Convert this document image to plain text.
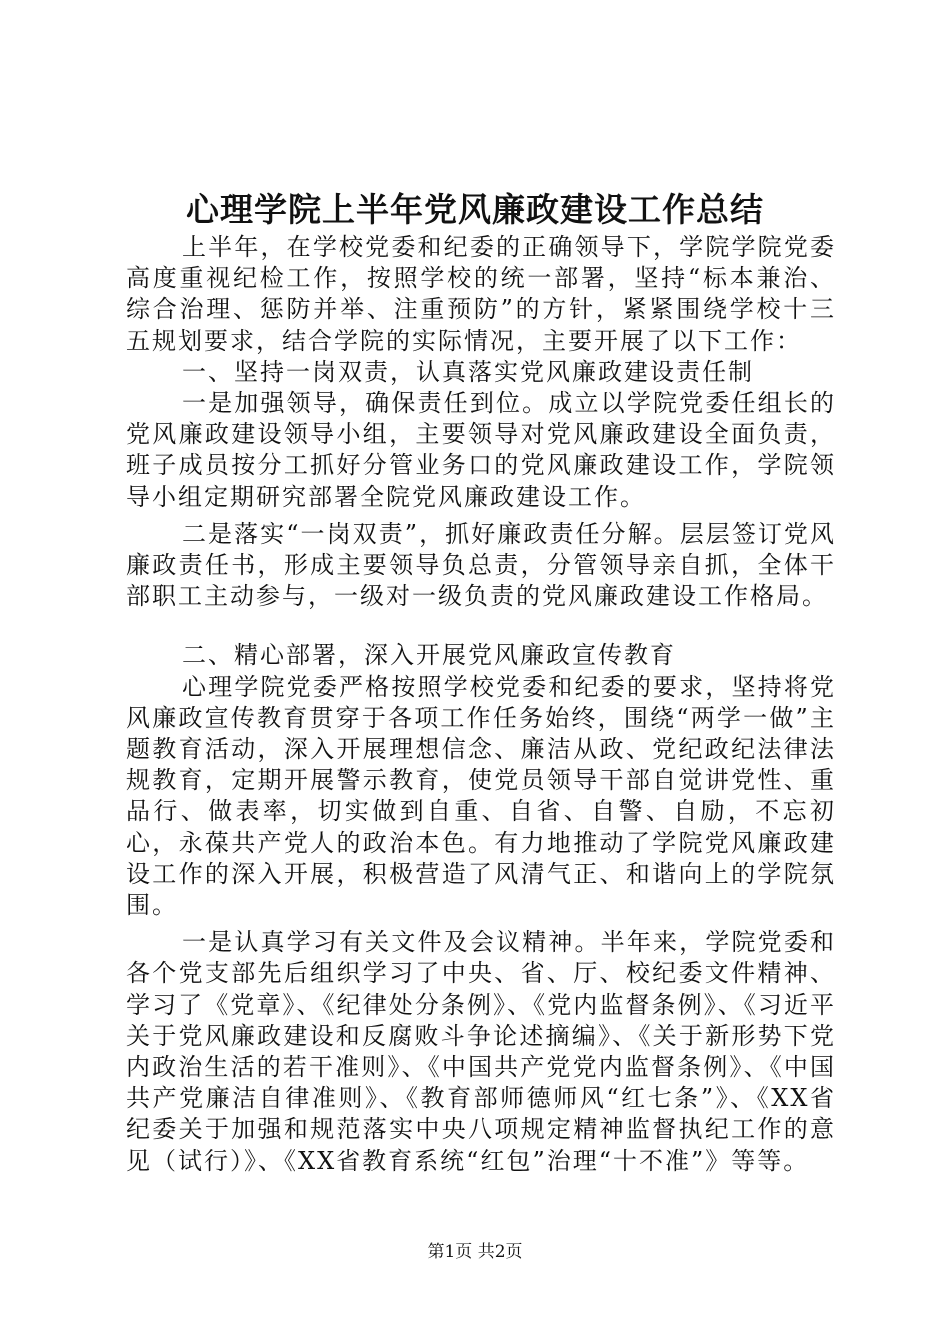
心理学院上半年党风廉政建设工作总结

上半年，在学校党委和纪委的正确领导下，学院学院党委高度重视纪检工作，按照学校的统一部署，坚持“标本兼治、综合治理、惩防并举、注重预防”的方针，紧紧围绕学校十三五规划要求，结合学院的实际情况，主要开展了以下工作：

一、坚持一岗双责，认真落实党风廉政建设责任制

一是加强领导，确保责任到位。成立以学院党委任组长的党风廉政建设领导小组，主要领导对党风廉政建设全面负责，班子成员按分工抓好分管业务口的党风廉政建设工作，学院领导小组定期研究部署全院党风廉政建设工作。

二是落实“一岗双责”，抓好廉政责任分解。层层签订党风廉政责任书，形成主要领导负总责，分管领导亲自抓，全体干部职工主动参与，一级对一级负责的党风廉政建设工作格局。

二、精心部署，深入开展党风廉政宣传教育

心理学院党委严格按照学校党委和纪委的要求，坚持将党风廉政宣传教育贯穿于各项工作任务始终，围绕“两学一做”主题教育活动，深入开展理想信念、廉洁从政、党纪政纪法律法规教育，定期开展警示教育，使党员领导干部自觉讲党性、重品行、做表率，切实做到自重、自省、自警、自励，不忘初心，永葆共产党人的政治本色。有力地推动了学院党风廉政建设工作的深入开展，积极营造了风清气正、和谐向上的学院氛围。

一是认真学习有关文件及会议精神。半年来，学院党委和各个党支部先后组织学习了中央、省、厅、校纪委文件精神、学习了《党章》、《纪律处分条例》、《党内监督条例》、《习近平关于党风廉政建设和反腐败斗争论述摘编》、《关于新形势下党内政治生活的若干准则》、《中国共产党党内监督条例》、《中国共产党廉洁自律准则》、《教育部师德师风“红七条”》、《XX省纪委关于加强和规范落实中央八项规定精神监督执纪工作的意见（试行）》、《XX省教育系统“红包”治理“十不准”》等等。

第1页 共2页
